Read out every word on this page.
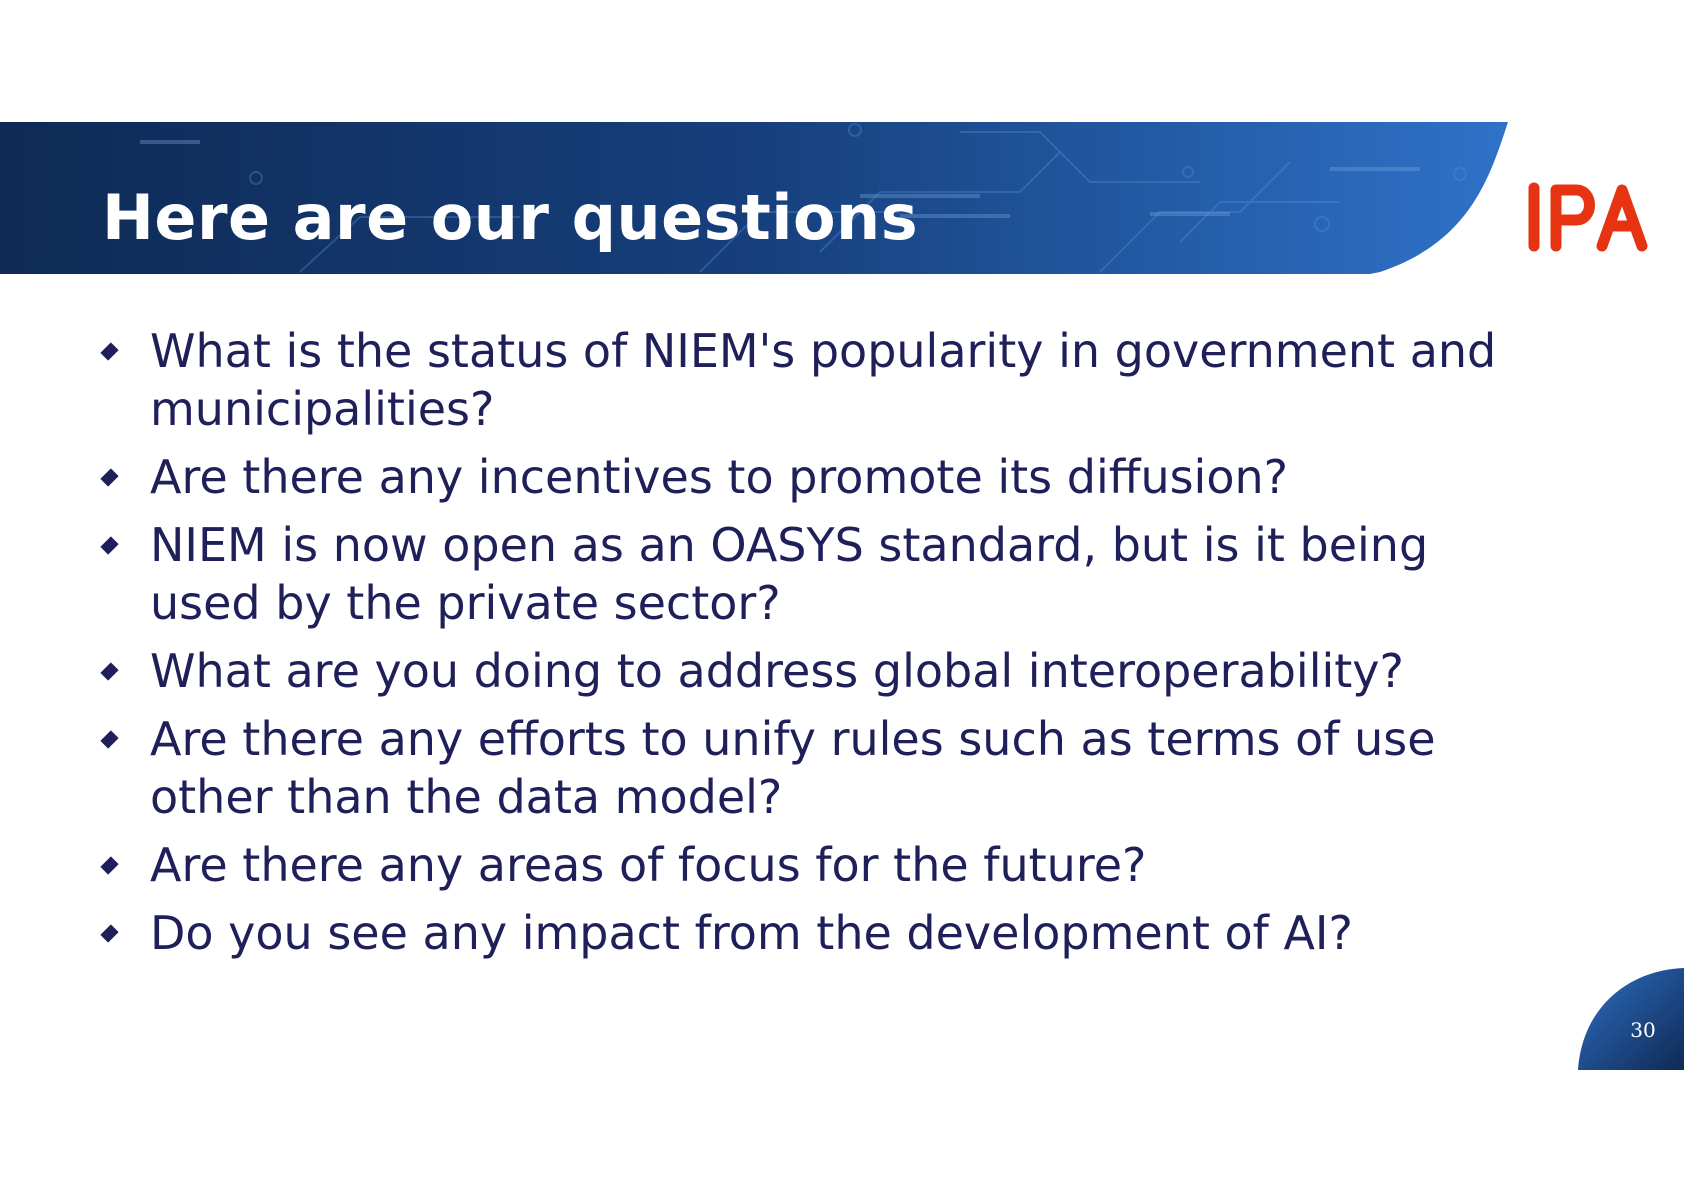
Here are our questions
What is the status of NIEM's popularity in government and municipalities?
Are there any incentives to promote its diffusion?
NIEM is now open as an OASYS standard, but is it being used by the private sector?
What are you doing to address global interoperability?
Are there any efforts to unify rules such as terms of use other than the data model?
Are there any areas of focus for the future?
Do you see any impact from the development of AI?
30
